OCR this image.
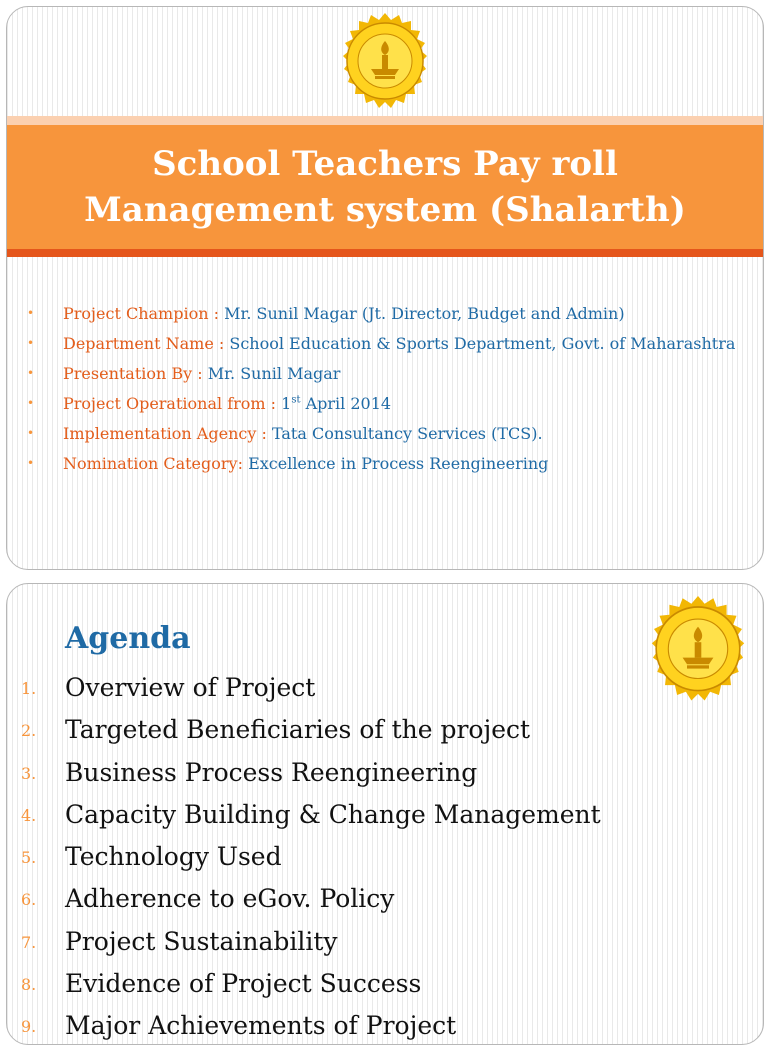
School Teachers Pay roll
Management system (Shalarth)
• Project Champion : Mr. Sunil Magar (Jt. Director, Budget and Admin)
• Department Name : School Education & Sports Department, Govt. of Maharashtra
• Presentation By : Mr. Sunil Magar
• Project Operational from : 1st April 2014
• Implementation Agency : Tata Consultancy Services (TCS).
• Nomination Category: Excellence in Process Reengineering
Agenda
1. Overview of Project
2. Targeted Beneficiaries of the project
3. Business Process Reengineering
4. Capacity Building & Change Management
5. Technology Used
6. Adherence to eGov. Policy
7. Project Sustainability
8. Evidence of Project Success
9. Major Achievements of Project
